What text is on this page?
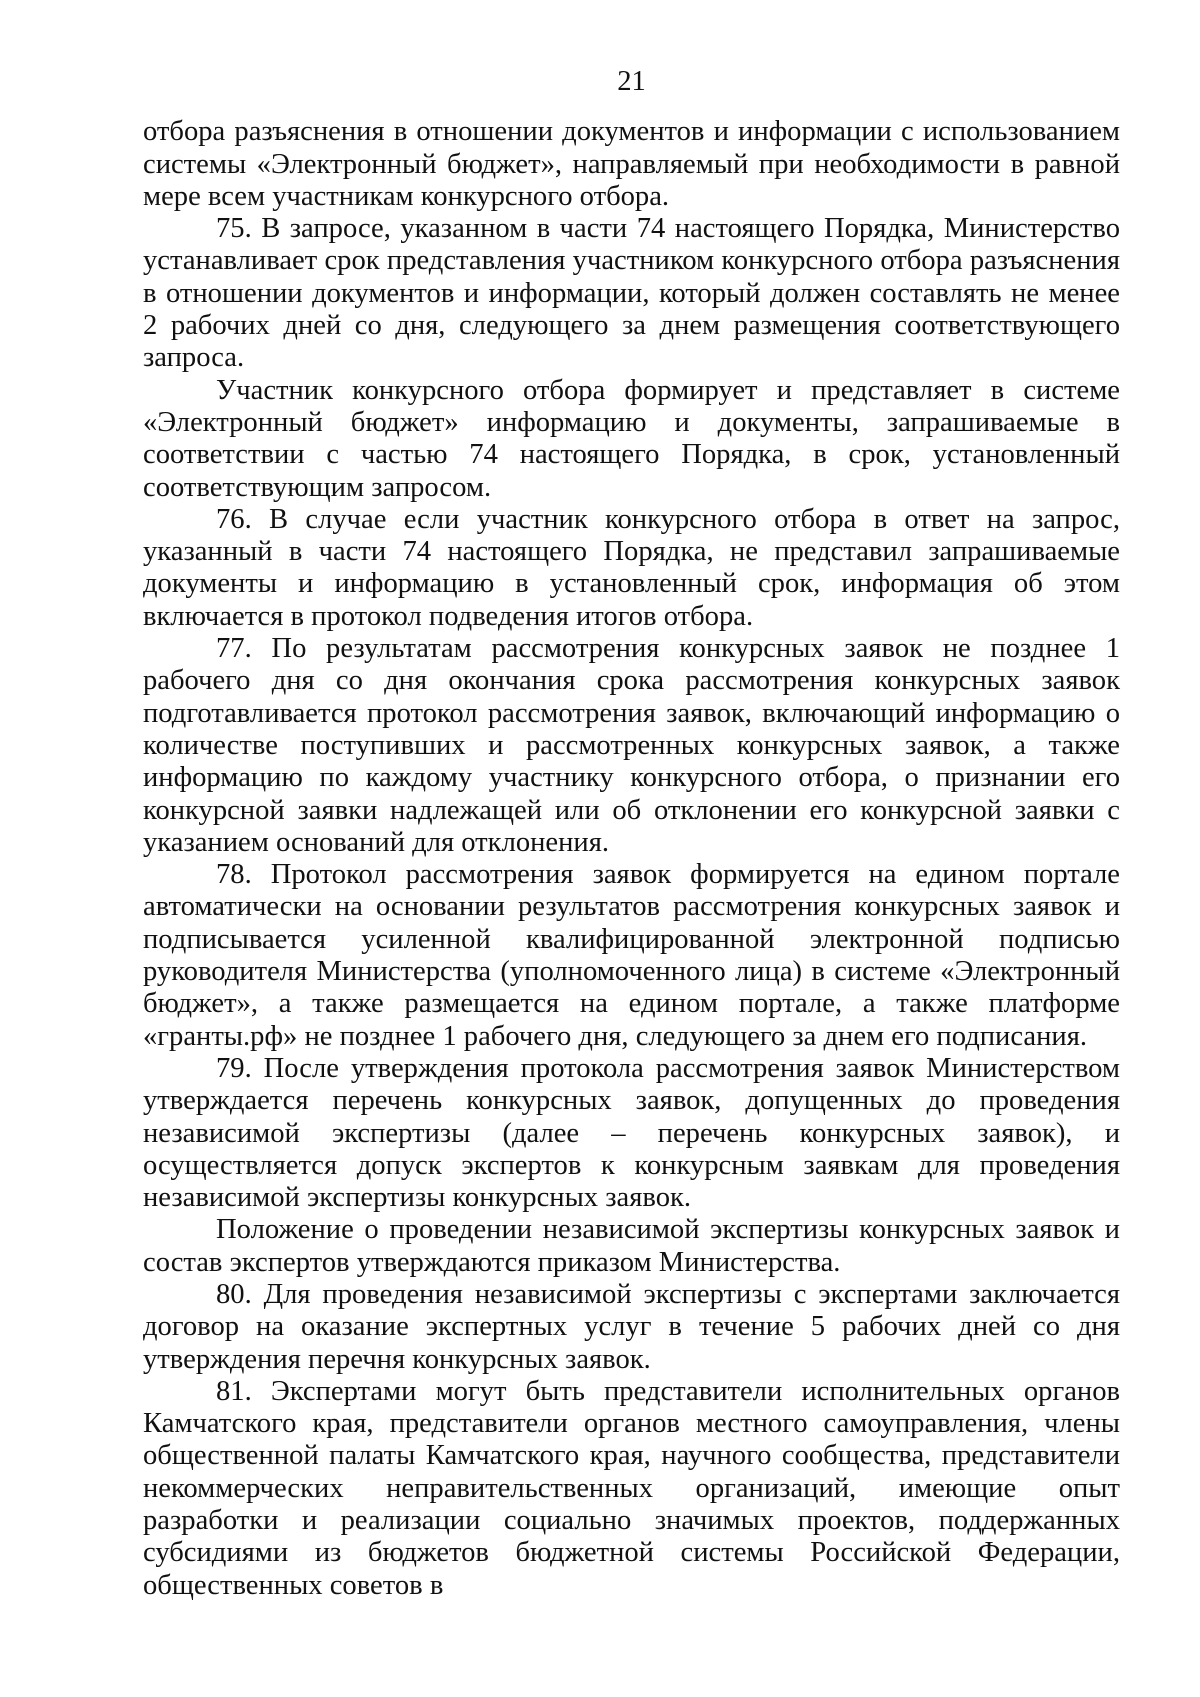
21

отбора разъяснения в отношении документов и информации с использованием системы «Электронный бюджет», направляемый при необходимости в равной мере всем участникам конкурсного отбора.

75. В запросе, указанном в части 74 настоящего Порядка, Министерство устанавливает срок представления участником конкурсного отбора разъяснения в отношении документов и информации, который должен составлять не менее 2 рабочих дней со дня, следующего за днем размещения соответствующего запроса.

Участник конкурсного отбора формирует и представляет в системе «Электронный бюджет» информацию и документы, запрашиваемые в соответствии с частью 74 настоящего Порядка, в срок, установленный соответствующим запросом.

76. В случае если участник конкурсного отбора в ответ на запрос, указанный в части 74 настоящего Порядка, не представил запрашиваемые документы и информацию в установленный срок, информация об этом включается в протокол подведения итогов отбора.

77. По результатам рассмотрения конкурсных заявок не позднее 1 рабочего дня со дня окончания срока рассмотрения конкурсных заявок подготавливается протокол рассмотрения заявок, включающий информацию о количестве поступивших и рассмотренных конкурсных заявок, а также информацию по каждому участнику конкурсного отбора, о признании его конкурсной заявки надлежащей или об отклонении его конкурсной заявки с указанием оснований для отклонения.

78. Протокол рассмотрения заявок формируется на едином портале автоматически на основании результатов рассмотрения конкурсных заявок и подписывается усиленной квалифицированной электронной подписью руководителя Министерства (уполномоченного лица) в системе «Электронный бюджет», а также размещается на едином портале, а также платформе «гранты.рф» не позднее 1 рабочего дня, следующего за днем его подписания.

79. После утверждения протокола рассмотрения заявок Министерством утверждается перечень конкурсных заявок, допущенных до проведения независимой экспертизы (далее – перечень конкурсных заявок), и осуществляется допуск экспертов к конкурсным заявкам для проведения независимой экспертизы конкурсных заявок.

Положение о проведении независимой экспертизы конкурсных заявок и состав экспертов утверждаются приказом Министерства.

80. Для проведения независимой экспертизы с экспертами заключается договор на оказание экспертных услуг в течение 5 рабочих дней со дня утверждения перечня конкурсных заявок.

81. Экспертами могут быть представители исполнительных органов Камчатского края, представители органов местного самоуправления, члены общественной палаты Камчатского края, научного сообщества, представители некоммерческих неправительственных организаций, имеющие опыт разработки и реализации социально значимых проектов, поддержанных субсидиями из бюджетов бюджетной системы Российской Федерации, общественных советов в
